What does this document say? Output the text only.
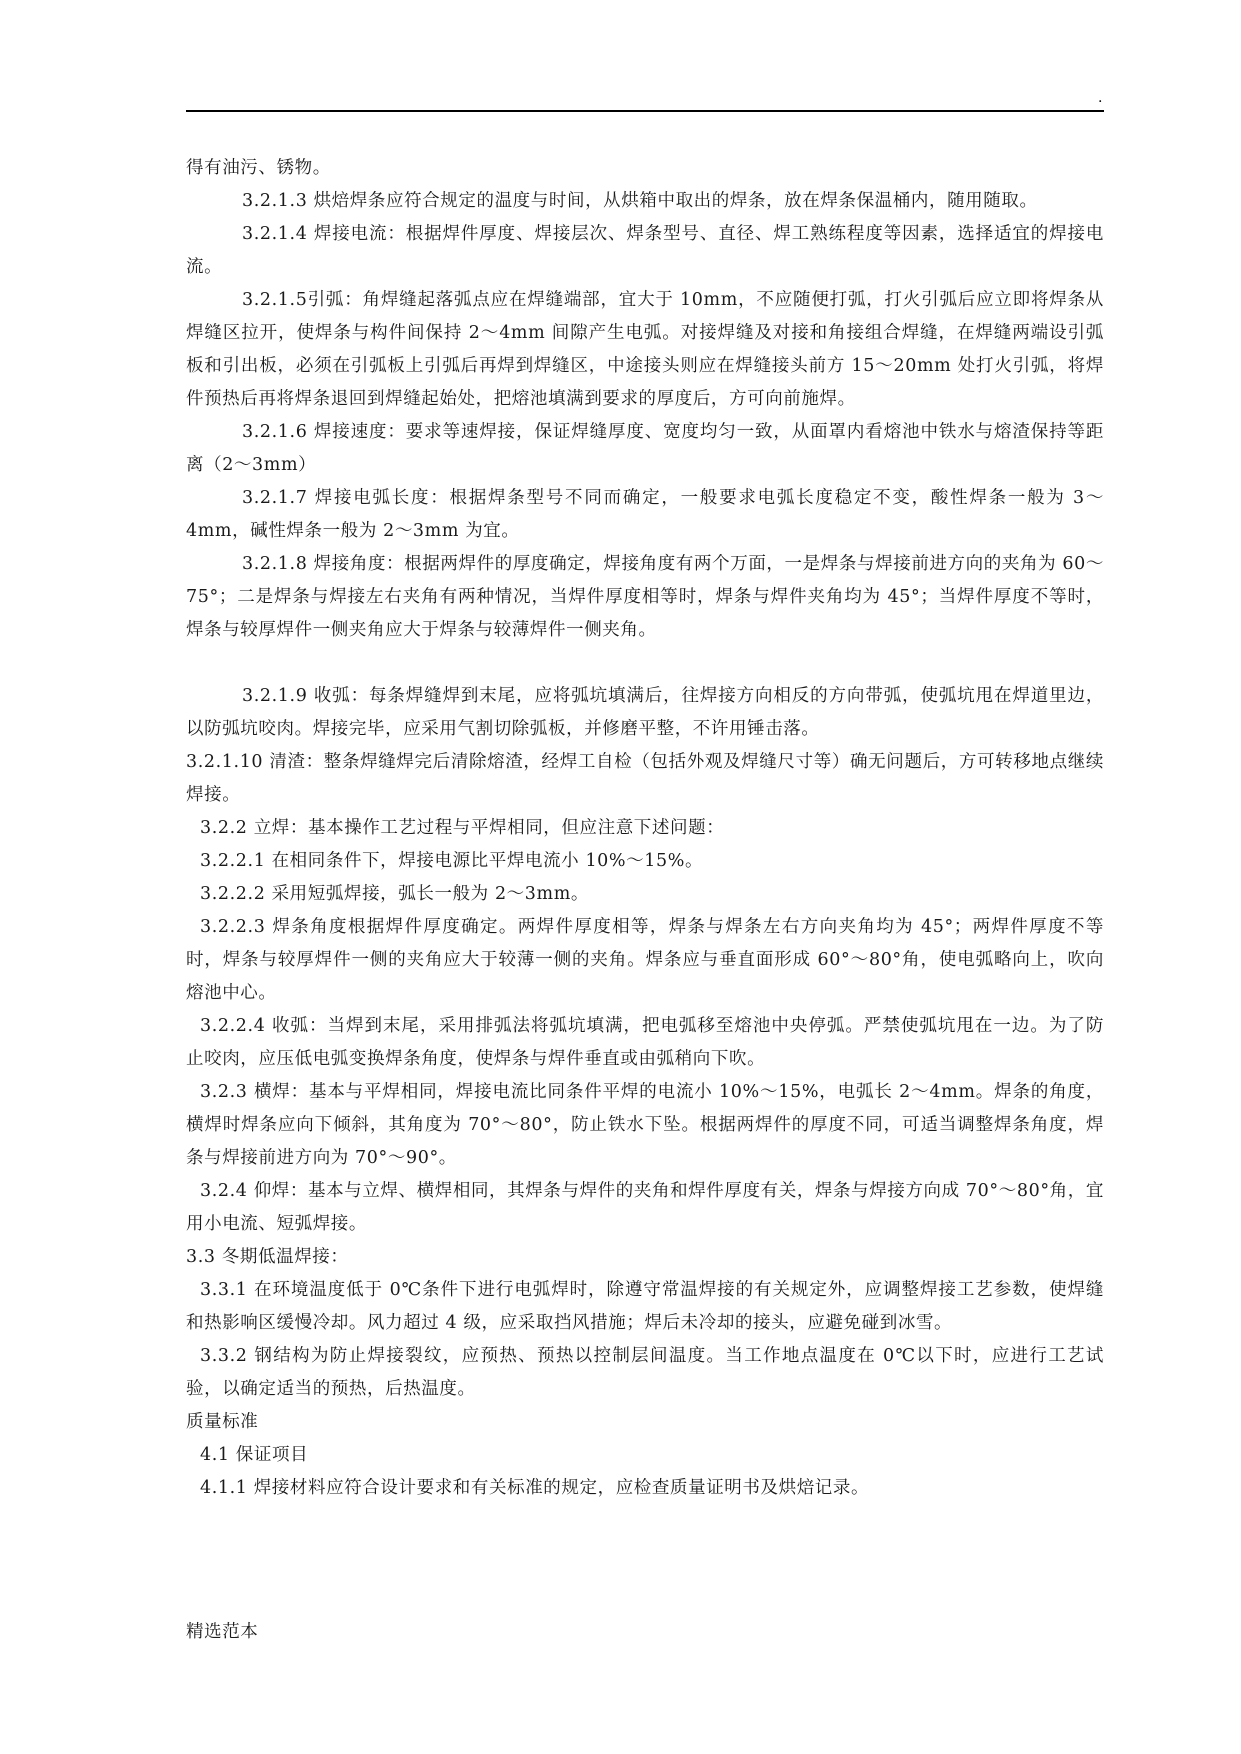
.

得有油污、锈物。

3.2.1.3 烘焙焊条应符合规定的温度与时间，从烘箱中取出的焊条，放在焊条保温桶内，随用随取。

3.2.1.4 焊接电流：根据焊件厚度、焊接层次、焊条型号、直径、焊工熟练程度等因素，选择适宜的焊接电流。

3.2.1.5引弧：角焊缝起落弧点应在焊缝端部，宜大于 10mm，不应随便打弧，打火引弧后应立即将焊条从焊缝区拉开，使焊条与构件间保持 2～4mm 间隙产生电弧。对接焊缝及对接和角接组合焊缝，在焊缝两端设引弧板和引出板，必须在引弧板上引弧后再焊到焊缝区，中途接头则应在焊缝接头前方 15～20mm 处打火引弧，将焊件预热后再将焊条退回到焊缝起始处，把熔池填满到要求的厚度后，方可向前施焊。

3.2.1.6 焊接速度：要求等速焊接，保证焊缝厚度、宽度均匀一致，从面罩内看熔池中铁水与熔渣保持等距离（2～3mm）

3.2.1.7 焊接电弧长度：根据焊条型号不同而确定，一般要求电弧长度稳定不变，酸性焊条一般为 3～4mm，碱性焊条一般为 2～3mm 为宜。

3.2.1.8 焊接角度：根据两焊件的厚度确定，焊接角度有两个万面，一是焊条与焊接前进方向的夹角为 60～75°；二是焊条与焊接左右夹角有两种情况，当焊件厚度相等时，焊条与焊件夹角均为 45°；当焊件厚度不等时，焊条与较厚焊件一侧夹角应大于焊条与较薄焊件一侧夹角。

3.2.1.9 收弧：每条焊缝焊到末尾，应将弧坑填满后，往焊接方向相反的方向带弧，使弧坑甩在焊道里边，以防弧坑咬肉。焊接完毕，应采用气割切除弧板，并修磨平整，不许用锤击落。

3.2.1.10 清渣：整条焊缝焊完后清除熔渣，经焊工自检（包括外观及焊缝尺寸等）确无问题后，方可转移地点继续焊接。

3.2.2 立焊：基本操作工艺过程与平焊相同，但应注意下述问题：

3.2.2.1 在相同条件下，焊接电源比平焊电流小 10%～15%。

3.2.2.2 采用短弧焊接，弧长一般为 2～3mm。

3.2.2.3 焊条角度根据焊件厚度确定。两焊件厚度相等，焊条与焊条左右方向夹角均为 45°；两焊件厚度不等时，焊条与较厚焊件一侧的夹角应大于较薄一侧的夹角。焊条应与垂直面形成 60°～80°角，使电弧略向上，吹向熔池中心。

3.2.2.4 收弧：当焊到末尾，采用排弧法将弧坑填满，把电弧移至熔池中央停弧。严禁使弧坑甩在一边。为了防止咬肉，应压低电弧变换焊条角度，使焊条与焊件垂直或由弧稍向下吹。

3.2.3 横焊：基本与平焊相同，焊接电流比同条件平焊的电流小 10%～15%，电弧长 2～4mm。焊条的角度，横焊时焊条应向下倾斜，其角度为 70°～80°，防止铁水下坠。根据两焊件的厚度不同，可适当调整焊条角度，焊条与焊接前进方向为 70°～90°。

3.2.4 仰焊：基本与立焊、横焊相同，其焊条与焊件的夹角和焊件厚度有关，焊条与焊接方向成 70°～80°角，宜用小电流、短弧焊接。

3.3 冬期低温焊接：

3.3.1 在环境温度低于 0℃条件下进行电弧焊时，除遵守常温焊接的有关规定外，应调整焊接工艺参数，使焊缝和热影响区缓慢冷却。风力超过 4 级，应采取挡风措施；焊后未冷却的接头，应避免碰到冰雪。

3.3.2 钢结构为防止焊接裂纹，应预热、预热以控制层间温度。当工作地点温度在 0℃以下时，应进行工艺试验，以确定适当的预热，后热温度。

质量标准

4.1 保证项目

4.1.1 焊接材料应符合设计要求和有关标准的规定，应检查质量证明书及烘焙记录。

精选范本
